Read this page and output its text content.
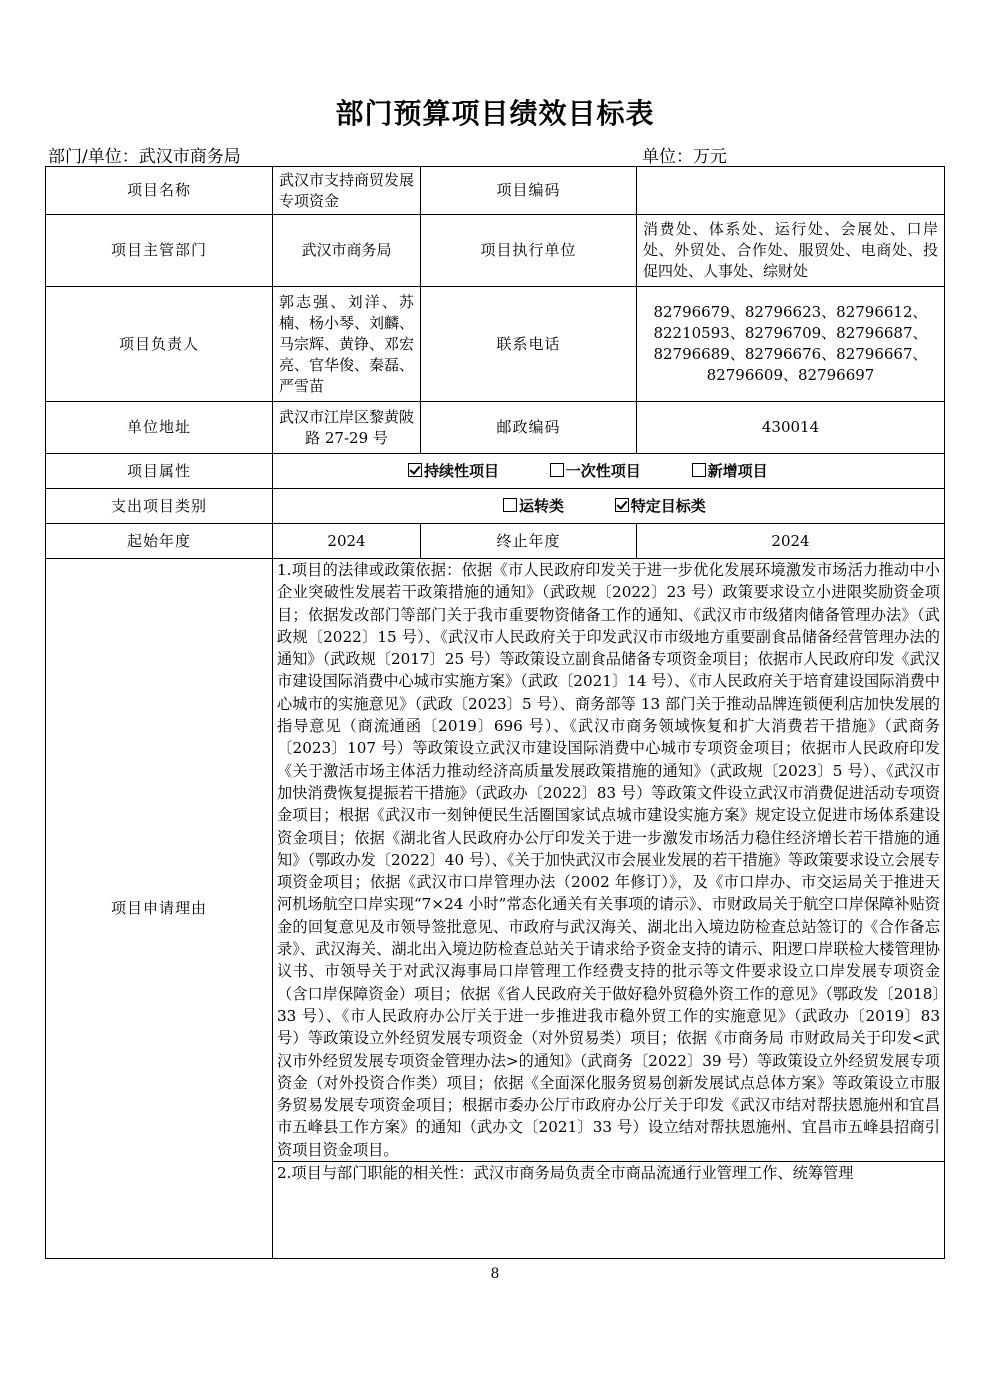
部门预算项目绩效目标表
部门/单位：武汉市商务局	单位：万元
项目名称	武汉市支持商贸发展专项资金	项目编码	
项目主管部门	武汉市商务局	项目执行单位	消费处、体系处、运行处、会展处、口岸处、外贸处、合作处、服贸处、电商处、投促四处、人事处、综财处
项目负责人	郭志强、刘洋、苏楠、杨小琴、刘麟、马宗辉、黄铮、邓宏亮、官华俊、秦磊、严雪苗	联系电话	82796679、82796623、82796612、82210593、82796709、82796687、82796689、82796676、82796667、82796609、82796697
单位地址	武汉市江岸区黎黄陂路 27-29 号	邮政编码	430014
项目属性	持续性项目 一次性项目 新增项目		
支出项目类别	运转类 特定目标类		
起始年度	2024	终止年度	2024
项目申请理由	1.项目的法律或政策依据：依据《市人民政府印发关于进一步优化发展环境激发市场活力推动中小企业突破性发展若干政策措施的通知》（武政规〔2022〕23 号）政策要求设立小进限奖励资金项目；依据发改部门等部门关于我市重要物资储备工作的通知、《武汉市市级猪肉储备管理办法》（武政规〔2022〕15 号）、《武汉市人民政府关于印发武汉市市级地方重要副食品储备经营管理办法的通知》（武政规〔2017〕25 号）等政策设立副食品储备专项资金项目；依据市人民政府印发《武汉市建设国际消费中心城市实施方案》（武政〔2021〕14 号）、《市人民政府关于培育建设国际消费中心城市的实施意见》（武政〔2023〕5 号）、商务部等 13 部门关于推动品牌连锁便利店加快发展的指导意见（商流通函〔2019〕696 号）、《武汉市商务领域恢复和扩大消费若干措施》（武商务〔2023〕107 号）等政策设立武汉市建设国际消费中心城市专项资金项目；依据市人民政府印发《关于激活市场主体活力推动经济高质量发展政策措施的通知》（武政规〔2023〕5 号）、《武汉市加快消费恢复提振若干措施》（武政办〔2022〕83 号）等政策文件设立武汉市消费促进活动专项资金项目；根据《武汉市一刻钟便民生活圈国家试点城市建设实施方案》规定设立促进市场体系建设资金项目；依据《湖北省人民政府办公厅印发关于进一步激发市场活力稳住经济增长若干措施的通知》（鄂政办发〔2022〕40 号）、《关于加快武汉市会展业发展的若干措施》等政策要求设立会展专项资金项目；依据《武汉市口岸管理办法（2002 年修订）》，及《市口岸办、市交运局关于推进天河机场航空口岸实现“7×24 小时”常态化通关有关事项的请示》、市财政局关于航空口岸保障补贴资金的回复意见及市领导签批意见、市政府与武汉海关、湖北出入境边防检查总站签订的《合作备忘录》、武汉海关、湖北出入境边防检查总站关于请求给予资金支持的请示、阳逻口岸联检大楼管理协议书、市领导关于对武汉海事局口岸管理工作经费支持的批示等文件要求设立口岸发展专项资金（含口岸保障资金）项目；依据《省人民政府关于做好稳外贸稳外资工作的意见》（鄂政发〔2018〕33 号）、《市人民政府办公厅关于进一步推进我市稳外贸工作的实施意见》（武政办〔2019〕83 号）等政策设立外经贸发展专项资金（对外贸易类）项目；依据《市商务局 市财政局关于印发<武汉市外经贸发展专项资金管理办法>的通知》（武商务〔2022〕39 号）等政策设立外经贸发展专项资金（对外投资合作类）项目；依据《全面深化服务贸易创新发展试点总体方案》等政策设立市服务贸易发展专项资金项目；根据市委办公厅市政府办公厅关于印发《武汉市结对帮扶恩施州和宜昌市五峰县工作方案》的通知（武办文〔2021〕33 号）设立结对帮扶恩施州、宜昌市五峰县招商引资项目资金项目。

2.项目与部门职能的相关性：武汉市商务局负责全市商品流通行业管理工作、统筹管理		

8
